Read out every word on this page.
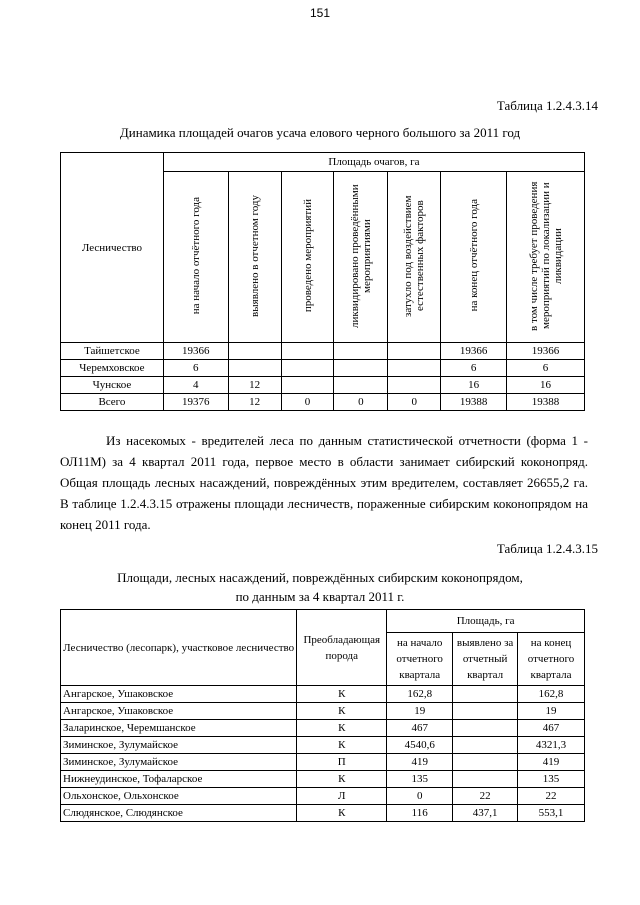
151
Таблица 1.2.4.3.14
Динамика площадей очагов усача елового черного большого за 2011 год
Лесничество	Площадь очагов, га						
	на начало отчётного года	выявлено в отчетном году	проведено мероприятий	ликвидировано проведёнными мероприятиями	затухло под воздействием естественных факторов	на конец отчётного года	в том числе требует проведения мероприятий по локализации и ликвидации
Тайшетское	19366					19366	19366
Черемховское	6					6	6
Чунское	4	12				16	16
Всего	19376	12	0	0	0	19388	19388

Из насекомых - вредителей леса по данным статистической отчетности (форма 1 - ОЛ11М) за 4 квартал 2011 года, первое место в области занимает сибирский коконопряд. Общая площадь лесных насаждений, повреждённых этим вредителем, составляет 26655,2 га. В таблице 1.2.4.3.15 отражены площади лесничеств, пораженные сибирским коконопрядом на конец 2011 года.

Таблица 1.2.4.3.15
Площади, лесных насаждений, повреждённых сибирским коконопрядом,
по данным за 4 квартал 2011 г.
Лесничество (лесопарк), участковое лесничество	Преобладающая порода	Площадь, га		
		на начало отчетного квартала	выявлено за отчетный квартал	на конец отчетного квартала
Ангарское, Ушаковское	К	162,8		162,8
Ангарское, Ушаковское	К	19		19
Заларинское, Черемшанское	К	467		467
Зиминское, Зулумайское	К	4540,6		4321,3
Зиминское, Зулумайское	П	419		419
Нижнеудинское, Тофаларское	К	135		135
Ольхонское, Ольхонское	Л	0	22	22
Слюдянское, Слюдянское	К	116	437,1	553,1
